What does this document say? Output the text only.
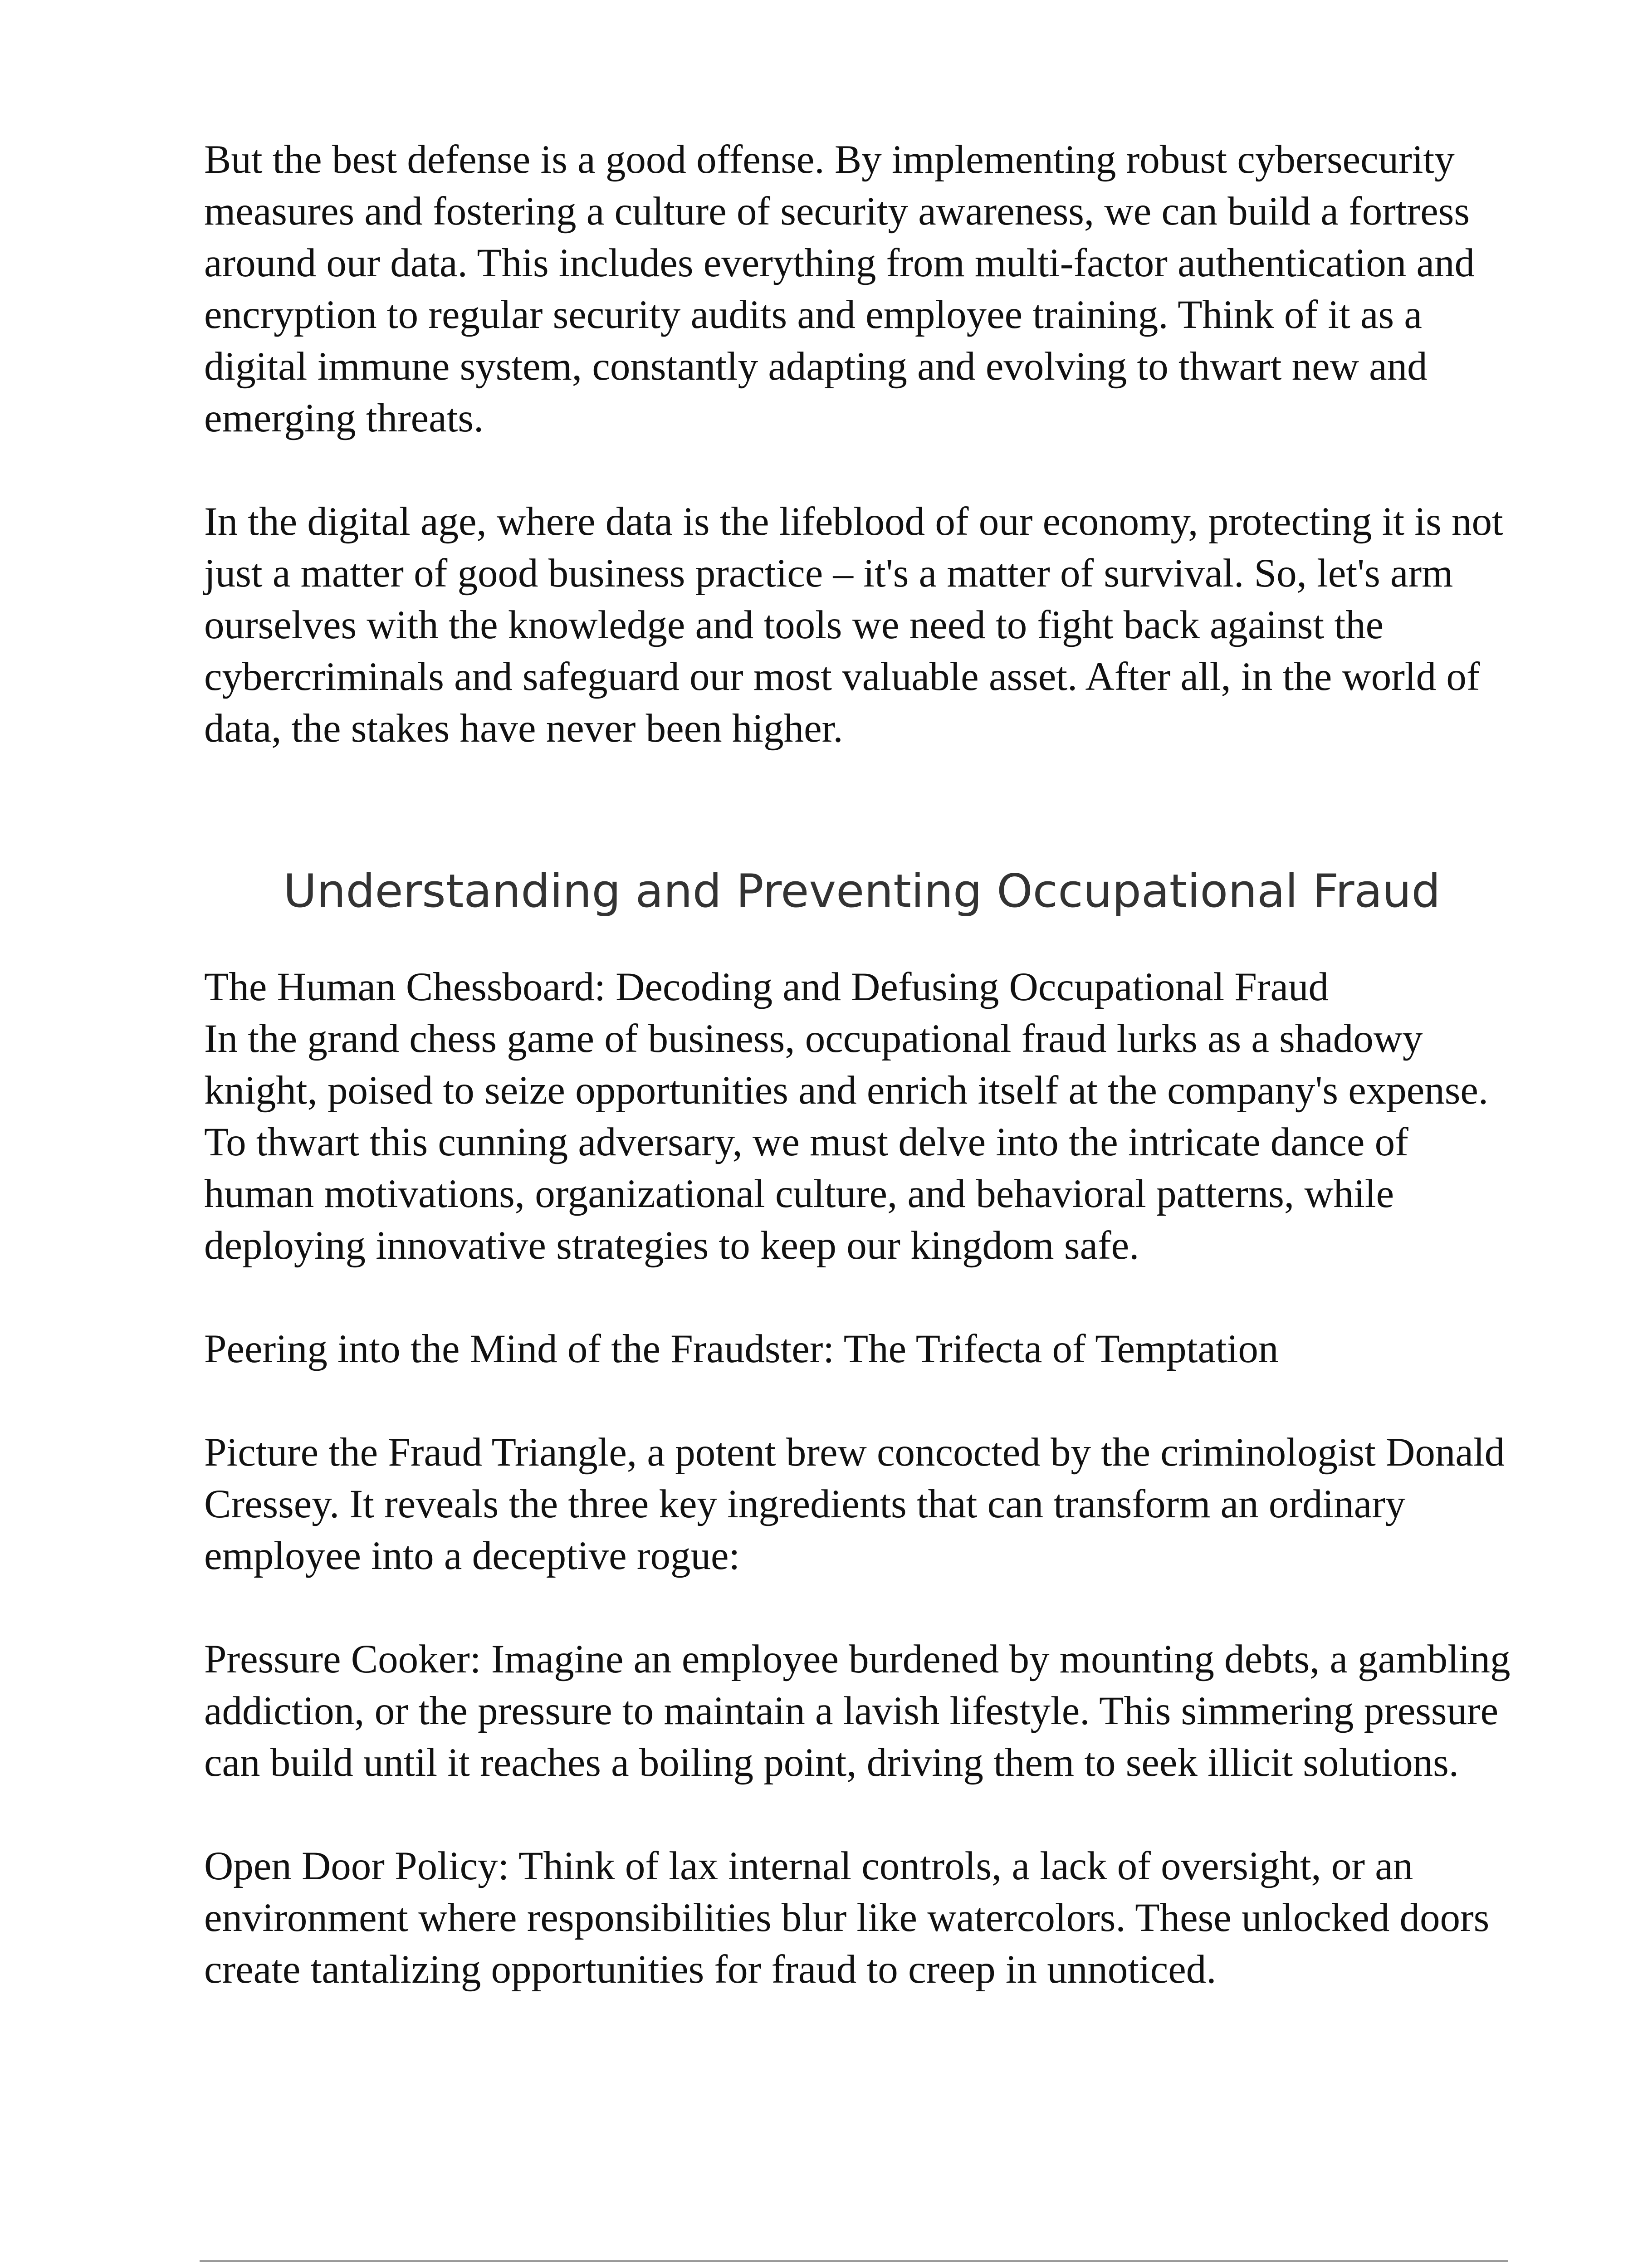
But the best defense is a good offense. By implementing robust cybersecurity measures and fostering a culture of security awareness, we can build a fortress around our data. This includes everything from multi-factor authentication and encryption to regular security audits and employee training. Think of it as a digital immune system, constantly adapting and evolving to thwart new and emerging threats.

In the digital age, where data is the lifeblood of our economy, protecting it is not just a matter of good business practice – it's a matter of survival. So, let's arm ourselves with the knowledge and tools we need to fight back against the cybercriminals and safeguard our most valuable asset. After all, in the world of data, the stakes have never been higher.

Understanding and Preventing Occupational Fraud

The Human Chessboard: Decoding and Defusing Occupational Fraud
In the grand chess game of business, occupational fraud lurks as a shadowy knight, poised to seize opportunities and enrich itself at the company's expense. To thwart this cunning adversary, we must delve into the intricate dance of human motivations, organizational culture, and behavioral patterns, while deploying innovative strategies to keep our kingdom safe.

Peering into the Mind of the Fraudster: The Trifecta of Temptation

Picture the Fraud Triangle, a potent brew concocted by the criminologist Donald Cressey. It reveals the three key ingredients that can transform an ordinary employee into a deceptive rogue:

Pressure Cooker: Imagine an employee burdened by mounting debts, a gambling addiction, or the pressure to maintain a lavish lifestyle. This simmering pressure can build until it reaches a boiling point, driving them to seek illicit solutions.

Open Door Policy: Think of lax internal controls, a lack of oversight, or an environment where responsibilities blur like watercolors. These unlocked doors create tantalizing opportunities for fraud to creep in unnoticed.
